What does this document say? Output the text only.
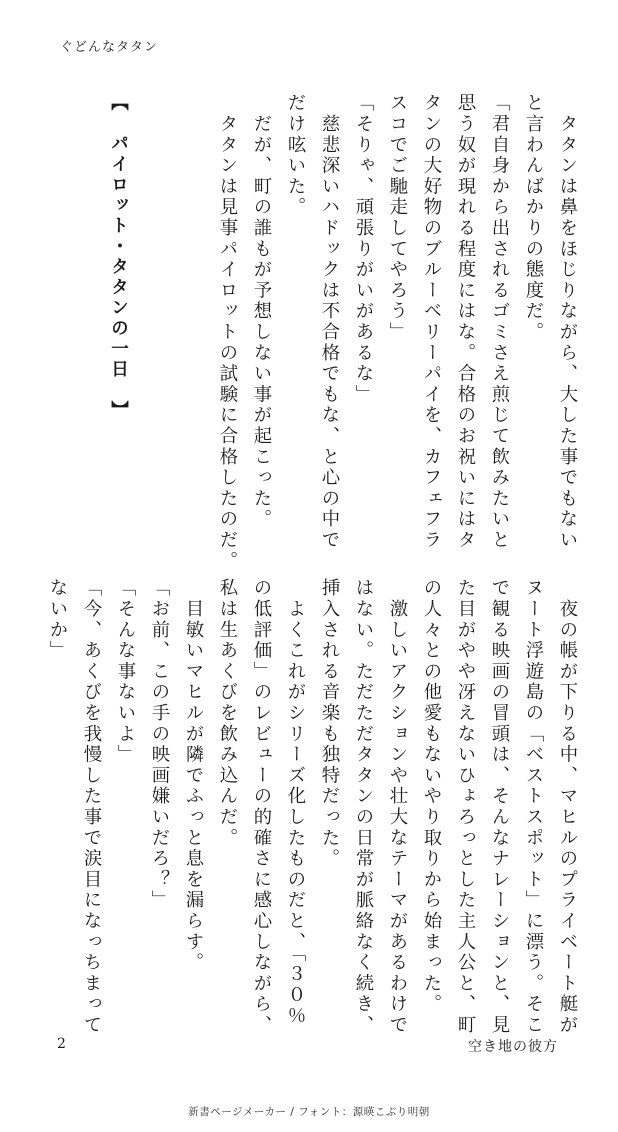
ぐどんなタタン

　タタンは鼻をほじりながら、大した事でもない

と言わんばかりの態度だ。

「君自身から出されるゴミさえ煎じて飲みたいと

思う奴が現れる程度にはな。合格のお祝いにはタ

タンの大好物のブルーベリーパイを、カフェフラ

スコでご馳走してやろう」

「そりゃ、頑張りがいがあるな」

　慈悲深いハドックは不合格でもな、と心の中で

だけ呟いた。

　だが、町の誰もが予想しない事が起こった。

　タタンは見事パイロットの試験に合格したのだ。

【　パイロット・タタンの一日　】

　夜の帳が下りる中、マヒルのプライベート艇が

ヌート浮遊島の「ベストスポット」に漂う。そこ

で観る映画の冒頭は、そんなナレーションと、見

た目がやや冴えないひょろっとした主人公と、町

の人々との他愛もないやり取りから始まった。

　激しいアクションや壮大なテーマがあるわけで

はない。ただただタタンの日常が脈絡なく続き、

挿入される音楽も独特だった。

　よくこれがシリーズ化したものだと、「３０％

の低評価」のレビューの的確さに感心しながら、

私は生あくびを飲み込んだ。

　目敏いマヒルが隣でふっと息を漏らす。

「お前、この手の映画嫌いだろ？」

「そんな事ないよ」

「今、あくびを我慢した事で涙目になっちまって

ないか」

2	空き地の彼方
新書ページメーカー / フォント：源暎こぶり明朝
